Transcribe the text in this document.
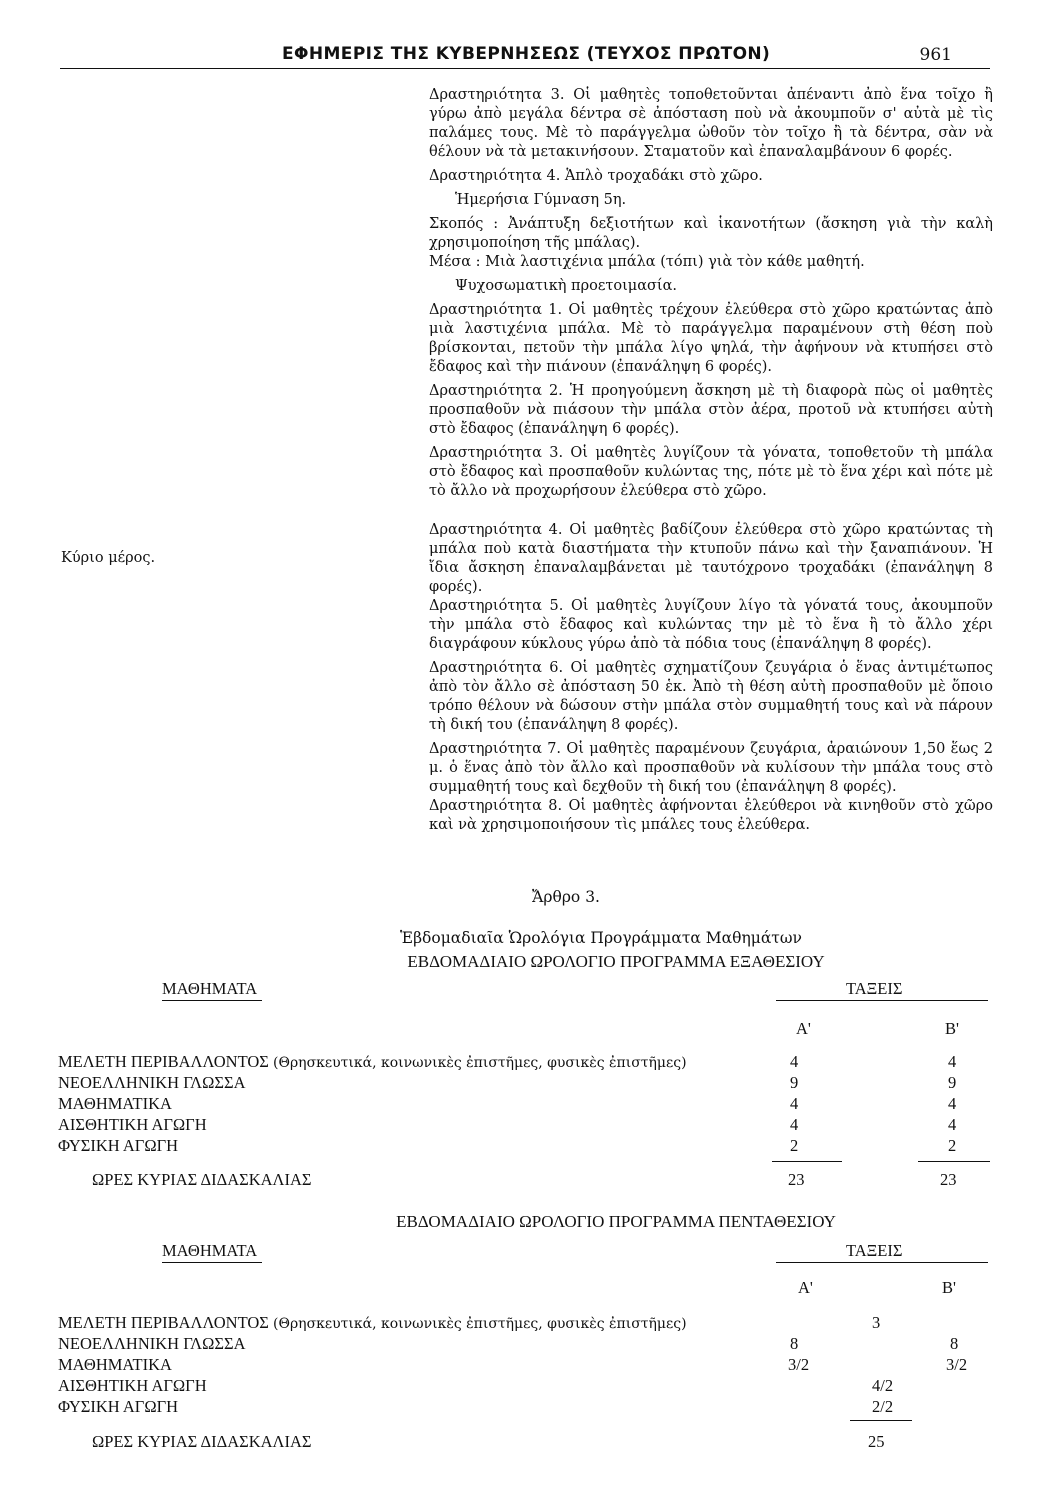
ΕΦΗΜΕΡΙΣ ΤΗΣ ΚΥΒΕΡΝΗΣΕΩΣ (ΤΕΥΧΟΣ ΠΡΩΤΟΝ)	961

Δραστηριότητα 3. Οἱ μαθητὲς τοποθετοῦνται ἀπέναντι ἀπὸ ἕνα τοῖχο ἢ γύρω ἀπὸ μεγάλα δέντρα σὲ ἀπόσταση ποὺ νὰ ἀκουμποῦν σ' αὐτὰ μὲ τὶς παλάμες τους. Μὲ τὸ παράγγελμα ὠθοῦν τὸν τοῖχο ἢ τὰ δέντρα, σὰν νὰ θέλουν νὰ τὰ μετακινήσουν. Σταματοῦν καὶ ἐπαναλαμβάνουν 6 φορές.

Δραστηριότητα 4. Ἁπλὸ τροχαδάκι στὸ χῶρο.

Ἡμερήσια Γύμναση 5η.

Σκοπός : Ἀνάπτυξη δεξιοτήτων καὶ ἱκανοτήτων (ἄσκηση γιὰ τὴν καλὴ χρησιμοποίηση τῆς μπάλας).

Μέσα : Μιὰ λαστιχένια μπάλα (τόπι) γιὰ τὸν κάθε μαθητή.

Ψυχοσωματικὴ προετοιμασία.

Δραστηριότητα 1. Οἱ μαθητὲς τρέχουν ἐλεύθερα στὸ χῶρο κρατώντας ἀπὸ μιὰ λαστιχένια μπάλα. Μὲ τὸ παράγγελμα παραμένουν στὴ θέση ποὺ βρίσκονται, πετοῦν τὴν μπάλα λίγο ψηλά, τὴν ἀφήνουν νὰ κτυπήσει στὸ ἔδαφος καὶ τὴν πιάνουν (ἐπανάληψη 6 φορές).

Δραστηριότητα 2. Ἡ προηγούμενη ἄσκηση μὲ τὴ διαφορὰ πὼς οἱ μαθητὲς προσπαθοῦν νὰ πιάσουν τὴν μπάλα στὸν ἀέρα, προτοῦ νὰ κτυπήσει αὐτὴ στὸ ἔδαφος (ἐπανάληψη 6 φορές).

Δραστηριότητα 3. Οἱ μαθητὲς λυγίζουν τὰ γόνατα, τοποθετοῦν τὴ μπάλα στὸ ἔδαφος καὶ προσπαθοῦν κυλώντας της, πότε μὲ τὸ ἕνα χέρι καὶ πότε μὲ τὸ ἄλλο νὰ προχωρήσουν ἐλεύθερα στὸ χῶρο.

Δραστηριότητα 4. Οἱ μαθητὲς βαδίζουν ἐλεύθερα στὸ χῶρο κρατώντας τὴ μπάλα ποὺ κατὰ διαστήματα τὴν κτυποῦν πάνω καὶ τὴν ξαναπιάνουν. Ἡ ἴδια ἄσκηση ἐπαναλαμβάνεται μὲ ταυτόχρονο τροχαδάκι (ἐπανάληψη 8 φορές).

Δραστηριότητα 5. Οἱ μαθητὲς λυγίζουν λίγο τὰ γόνατά τους, ἀκουμποῦν τὴν μπάλα στὸ ἔδαφος καὶ κυλώντας την μὲ τὸ ἕνα ἢ τὸ ἄλλο χέρι διαγράφουν κύκλους γύρω ἀπὸ τὰ πόδια τους (ἐπανάληψη 8 φορές).

Δραστηριότητα 6. Οἱ μαθητὲς σχηματίζουν ζευγάρια ὁ ἕνας ἀντιμέτωπος ἀπὸ τὸν ἄλλο σὲ ἀπόσταση 50 ἑκ. Ἀπὸ τὴ θέση αὐτὴ προσπαθοῦν μὲ ὅποιο τρόπο θέλουν νὰ δώσουν στὴν μπάλα στὸν συμμαθητή τους καὶ νὰ πάρουν τὴ δική του (ἐπανάληψη 8 φορές).

Δραστηριότητα 7. Οἱ μαθητὲς παραμένουν ζευγάρια, ἀραιώνουν 1,50 ἕως 2 μ. ὁ ἕνας ἀπὸ τὸν ἄλλο καὶ προσπαθοῦν νὰ κυλίσουν τὴν μπάλα τους στὸ συμμαθητή τους καὶ δεχθοῦν τὴ δική του (ἐπανάληψη 8 φορές).

Δραστηριότητα 8. Οἱ μαθητὲς ἀφήνονται ἐλεύθεροι νὰ κινηθοῦν στὸ χῶρο καὶ νὰ χρησιμοποιήσουν τὶς μπάλες τους ἐλεύθερα.

Κύριο μέρος.
Ἄρθρο 3.
Ἑβδομαδιαῖα Ὡρολόγια Προγράμματα Μαθημάτων
ΕΒΔΟΜΑΔΙΑΙΟ ΩΡΟΛΟΓΙΟ ΠΡΟΓΡΑΜΜΑ ΕΞΑΘΕΣΙΟΥ
ΜΑΘΗΜΑΤΑ	ΤΑΞΕΙΣ
Α'	Β'
ΜΕΛΕΤΗ ΠΕΡΙΒΑΛΛΟΝΤΟΣ (Θρησκευτικά, κοινωνικὲς ἐπιστῆμες, φυσικὲς ἐπιστῆμες)	4	4
ΝΕΟΕΛΛΗΝΙΚΗ ΓΛΩΣΣΑ	9	9
ΜΑΘΗΜΑΤΙΚΑ	4	4
ΑΙΣΘΗΤΙΚΗ ΑΓΩΓΗ	4	4
ΦΥΣΙΚΗ ΑΓΩΓΗ	2	2
ΩΡΕΣ ΚΥΡΙΑΣ ΔΙΔΑΣΚΑΛΙΑΣ	23	23
ΕΒΔΟΜΑΔΙΑΙΟ ΩΡΟΛΟΓΙΟ ΠΡΟΓΡΑΜΜΑ ΠΕΝΤΑΘΕΣΙΟΥ
ΜΑΘΗΜΑΤΑ	ΤΑΞΕΙΣ
Α'	Β'
ΜΕΛΕΤΗ ΠΕΡΙΒΑΛΛΟΝΤΟΣ (Θρησκευτικά, κοινωνικὲς ἐπιστῆμες, φυσικὲς ἐπιστῆμες)	3
ΝΕΟΕΛΛΗΝΙΚΗ ΓΛΩΣΣΑ	8	8
ΜΑΘΗΜΑΤΙΚΑ	3/2	3/2
ΑΙΣΘΗΤΙΚΗ ΑΓΩΓΗ	4/2
ΦΥΣΙΚΗ ΑΓΩΓΗ	2/2
ΩΡΕΣ ΚΥΡΙΑΣ ΔΙΔΑΣΚΑΛΙΑΣ	25
